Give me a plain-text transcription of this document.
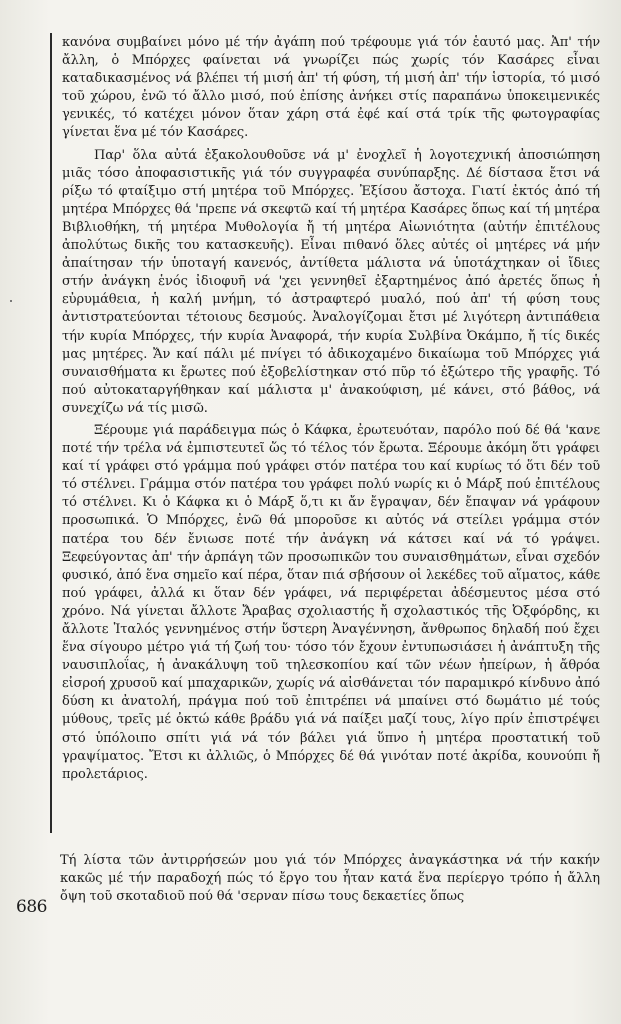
κανόνα συμβαίνει μόνο μέ τήν ἀγάπη πού τρέφουμε γιά τόν ἑαυτό μας. Ἀπ' τήν ἄλλη, ὁ Μπόρχες φαίνεται νά γνωρίζει πώς χωρίς τόν Κασάρες εἶναι καταδικασμένος νά βλέπει τή μισή ἀπ' τή φύση, τή μισή ἀπ' τήν ἱστορία, τό μισό τοῦ χώρου, ἐνῶ τό ἄλλο μισό, πού ἐπίσης ἀνήκει στίς παραπάνω ὑποκειμενικές γενικές, τό κατέχει μόνον ὅταν χάρη στά ἐφέ καί στά τρίκ τῆς φωτογραφίας γίνεται ἕνα μέ τόν Κασάρες.

Παρ' ὅλα αὐτά ἐξακολουθοῦσε νά μ' ἐνοχλεῖ ἡ λογοτεχνική ἀποσιώπηση μιᾶς τόσο ἀποφασιστικῆς γιά τόν συγγραφέα συνύπαρξης. Δέ δίστασα ἔτσι νά ρίξω τό φταίξιμο στή μητέρα τοῦ Μπόρχες. Ἐξίσου ἄστοχα. Γιατί ἐκτός ἀπό τή μητέρα Μπόρχες θά 'πρεπε νά σκεφτῶ καί τή μητέρα Κασάρες ὅπως καί τή μητέρα Βιβλιοθήκη, τή μητέρα Μυθολογία ἤ τή μητέρα Αἰωνιότητα (αὐτήν ἐπιτέλους ἀπολύτως δικῆς του κατασκευῆς). Εἶναι πιθανό ὅλες αὐτές οἱ μητέρες νά μήν ἀπαίτησαν τήν ὑποταγή κανενός, ἀντίθετα μάλιστα νά ὑποτάχτηκαν οἱ ἴδιες στήν ἀνάγκη ἑνός ἰδιοφυῆ νά 'χει γεννηθεῖ ἐξαρτημένος ἀπό ἀρετές ὅπως ἡ εὐρυμάθεια, ἡ καλή μνήμη, τό ἀστραφτερό μυαλό, πού ἀπ' τή φύση τους ἀντιστρατεύονται τέτοιους δεσμούς. Ἀναλογίζομαι ἔτσι μέ λιγότερη ἀντιπάθεια τήν κυρία Μπόρχες, τήν κυρία Ἀναφορά, τήν κυρία Συλβίνα Ὀκάμπο, ἤ τίς δικές μας μητέρες. Ἄν καί πάλι μέ πνίγει τό ἀδικοχαμένο δικαίωμα τοῦ Μπόρχες γιά συναισθήματα κι ἔρωτες πού ἐξοβελίστηκαν στό πῦρ τό ἐξώτερο τῆς γραφῆς. Τό πού αὐτοκαταργήθηκαν καί μάλιστα μ' ἀνακούφιση, μέ κάνει, στό βάθος, νά συνεχίζω νά τίς μισῶ.

Ξέρουμε γιά παράδειγμα πώς ὁ Κάφκα, ἐρωτευόταν, παρόλο πού δέ θά 'κανε ποτέ τήν τρέλα νά ἐμπιστευτεῖ ὥς τό τέλος τόν ἔρωτα. Ξέρουμε ἀκόμη ὅτι γράφει καί τί γράφει στό γράμμα πού γράφει στόν πατέρα του καί κυρίως τό ὅτι δέν τοῦ τό στέλνει. Γράμμα στόν πατέρα του γράφει πολύ νωρίς κι ὁ Μάρξ πού ἐπιτέλους τό στέλνει. Κι ὁ Κάφκα κι ὁ Μάρξ ὅ,τι κι ἄν ἔγραψαν, δέν ἔπαψαν νά γράφουν προσωπικά. Ὁ Μπόρχες, ἐνῶ θά μποροῦσε κι αὐτός νά στείλει γράμμα στόν πατέρα του δέν ἔνιωσε ποτέ τήν ἀνάγκη νά κάτσει καί νά τό γράψει. Ξεφεύγοντας ἀπ' τήν ἁρπάγη τῶν προσωπικῶν του συναισθημάτων, εἶναι σχεδόν φυσικό, ἀπό ἕνα σημεῖο καί πέρα, ὅταν πιά σβήσουν οἱ λεκέδες τοῦ αἵματος, κάθε πού γράφει, ἀλλά κι ὅταν δέν γράφει, νά περιφέρεται ἀδέσμευτος μέσα στό χρόνο. Νά γίνεται ἄλλοτε Ἄραβας σχολιαστής ἤ σχολαστικός τῆς Ὀξφόρδης, κι ἄλλοτε Ἰταλός γεννημένος στήν ὕστερη Ἀναγέννηση, ἄνθρωπος δηλαδή πού ἔχει ἕνα σίγουρο μέτρο γιά τή ζωή του· τόσο τόν ἔχουν ἐντυπωσιάσει ἡ ἀνάπτυξη τῆς ναυσιπλοΐας, ἡ ἀνακάλυψη τοῦ τηλεσκοπίου καί τῶν νέων ἠπείρων, ἡ ἄθρόα εἰσροή χρυσοῦ καί μπαχαρικῶν, χωρίς νά αἰσθάνεται τόν παραμικρό κίνδυνο ἀπό δύση κι ἀνατολή, πράγμα πού τοῦ ἐπιτρέπει νά μπαίνει στό δωμάτιο μέ τούς μύθους, τρεῖς μέ ὀκτώ κάθε βράδυ γιά νά παίξει μαζί τους, λίγο πρίν ἐπιστρέψει στό ὑπόλοιπο σπίτι γιά νά τόν βάλει γιά ὕπνο ἡ μητέρα προστατική τοῦ γραψίματος. Ἔτσι κι ἀλλιῶς, ὁ Μπόρχες δέ θά γινόταν ποτέ ἀκρίδα, κουνούπι ἤ προλετάριος.

686

Τή λίστα τῶν ἀντιρρήσεών μου γιά τόν Μπόρχες ἀναγκάστηκα νά τήν κακήν κακῶς μέ τήν παραδοχή πώς τό ἔργο του ἦταν κατά ἕνα περίεργο τρόπο ἡ ἄλλη ὄψη τοῦ σκοταδιοῦ πού θά 'σερναν πίσω τους δεκαετίες ὅπως
